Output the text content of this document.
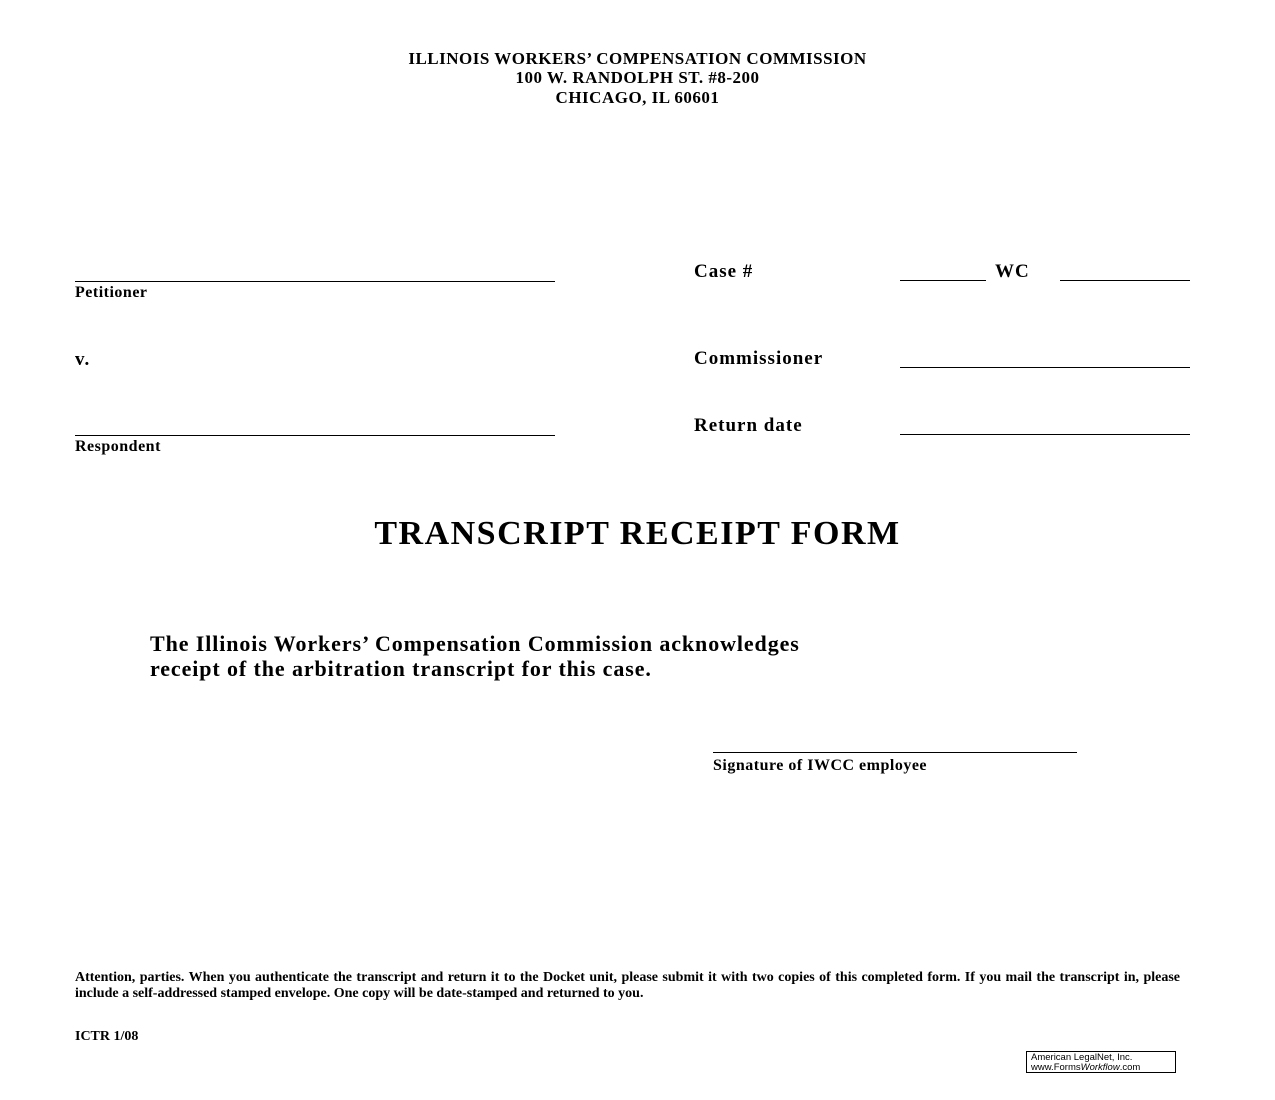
ILLINOIS WORKERS’ COMPENSATION COMMISSION
100 W. RANDOLPH ST. #8-200
CHICAGO, IL 60601
Petitioner
v.
Respondent
Case #	WC
Commissioner
Return date
TRANSCRIPT RECEIPT FORM
The Illinois Workers’ Compensation Commission acknowledges
receipt of the arbitration transcript for this case.
Signature of IWCC employee
Attention, parties. When you authenticate the transcript and return it to the Docket unit, please submit it with two copies of this completed form. If you mail the transcript in, please include a self-addressed stamped envelope. One copy will be date-stamped and returned to you.
ICTR 1/08
American LegalNet, Inc.
www.FormsWorkflow.com
